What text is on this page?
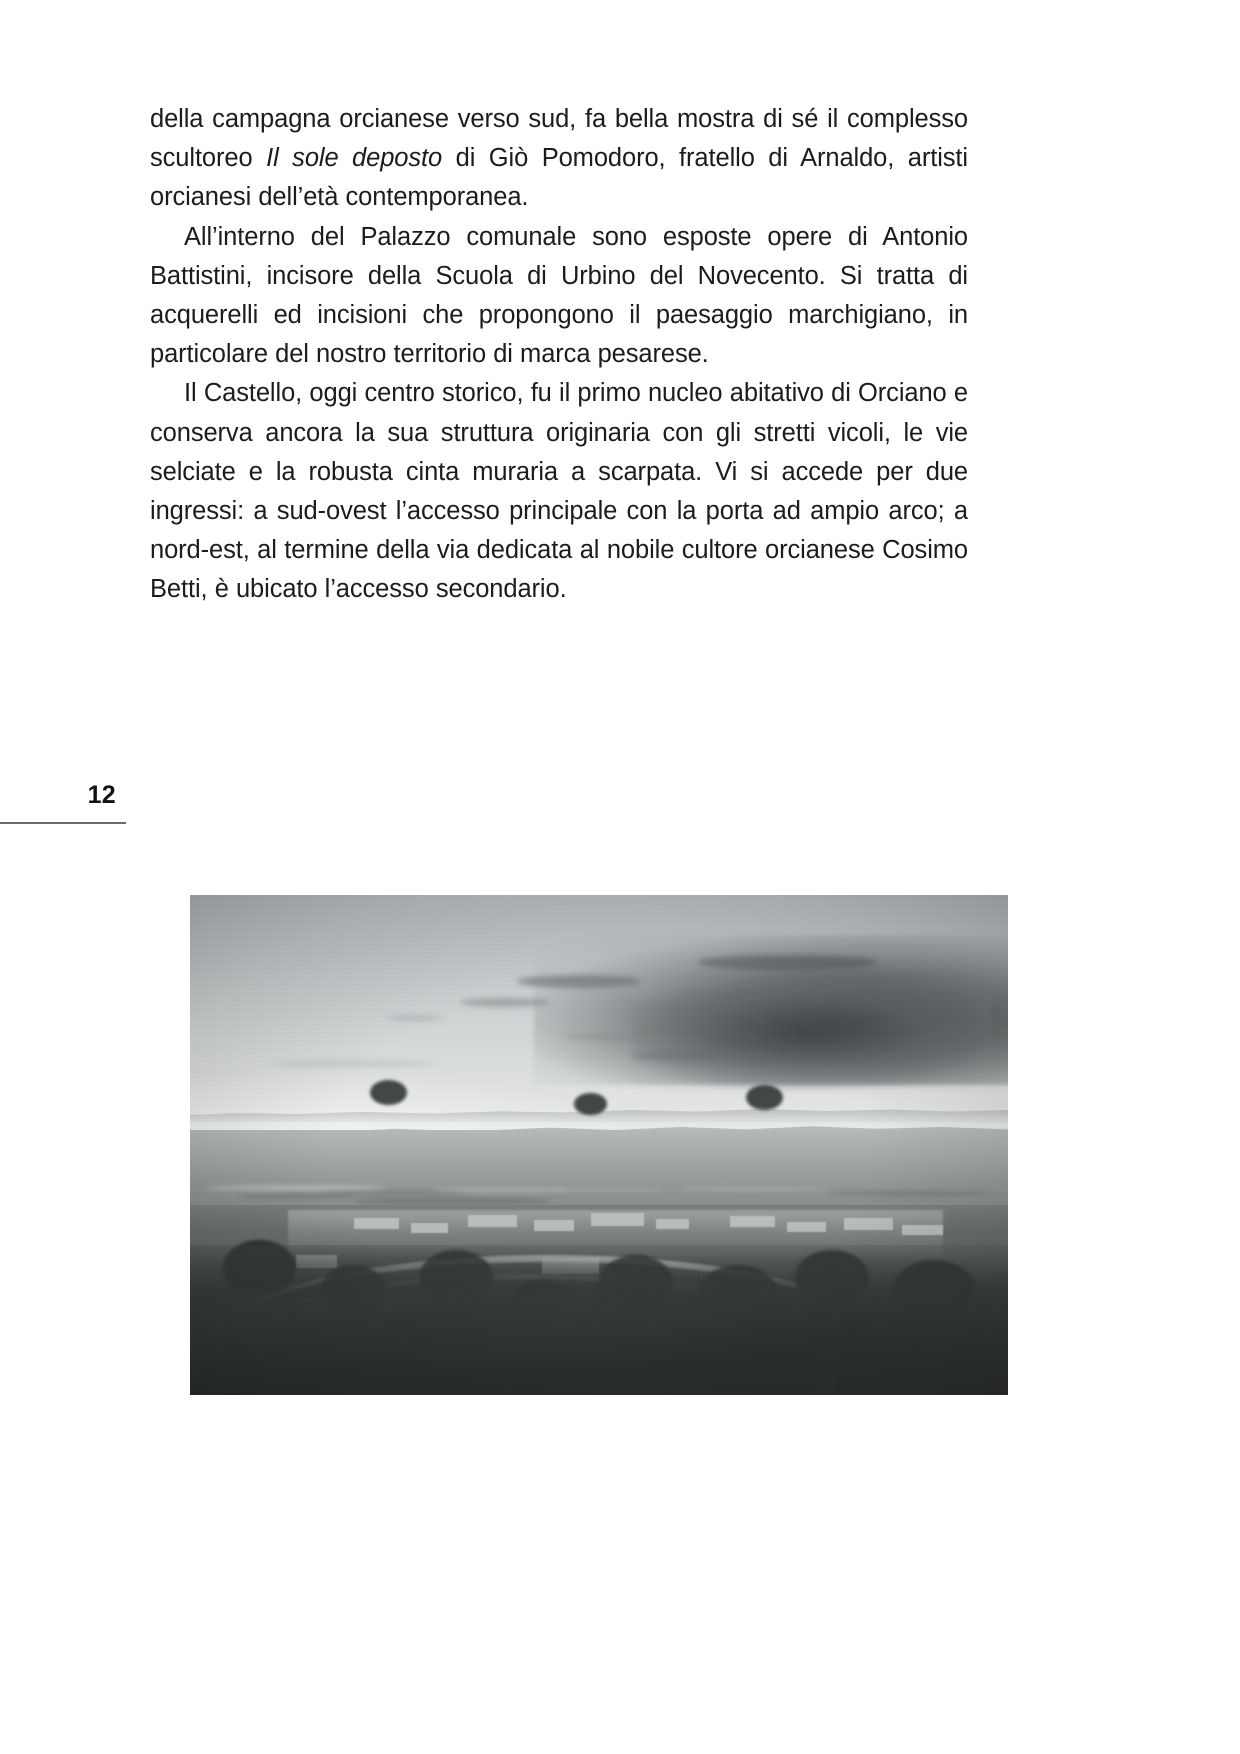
della campagna orcianese verso sud, fa bella mostra di sé il complesso scultoreo Il sole deposto di Giò Pomodoro, fratello di Arnaldo, artisti orcianesi dell’età contemporanea.

All’interno del Palazzo comunale sono esposte opere di Antonio Battistini, incisore della Scuola di Urbino del Novecento. Si tratta di acquerelli ed incisioni che propongono il paesaggio marchigiano, in particolare del nostro territorio di marca pesarese.

Il Castello, oggi centro storico, fu il primo nucleo abitativo di Orciano e conserva ancora la sua struttura originaria con gli stretti vicoli, le vie selciate e la robusta cinta muraria a scarpata. Vi si accede per due ingressi: a sud-ovest l’accesso principale con la porta ad ampio arco; a nord-est, al termine della via dedicata al nobile cultore orcianese Cosimo Betti, è ubicato l’accesso secondario.

12
